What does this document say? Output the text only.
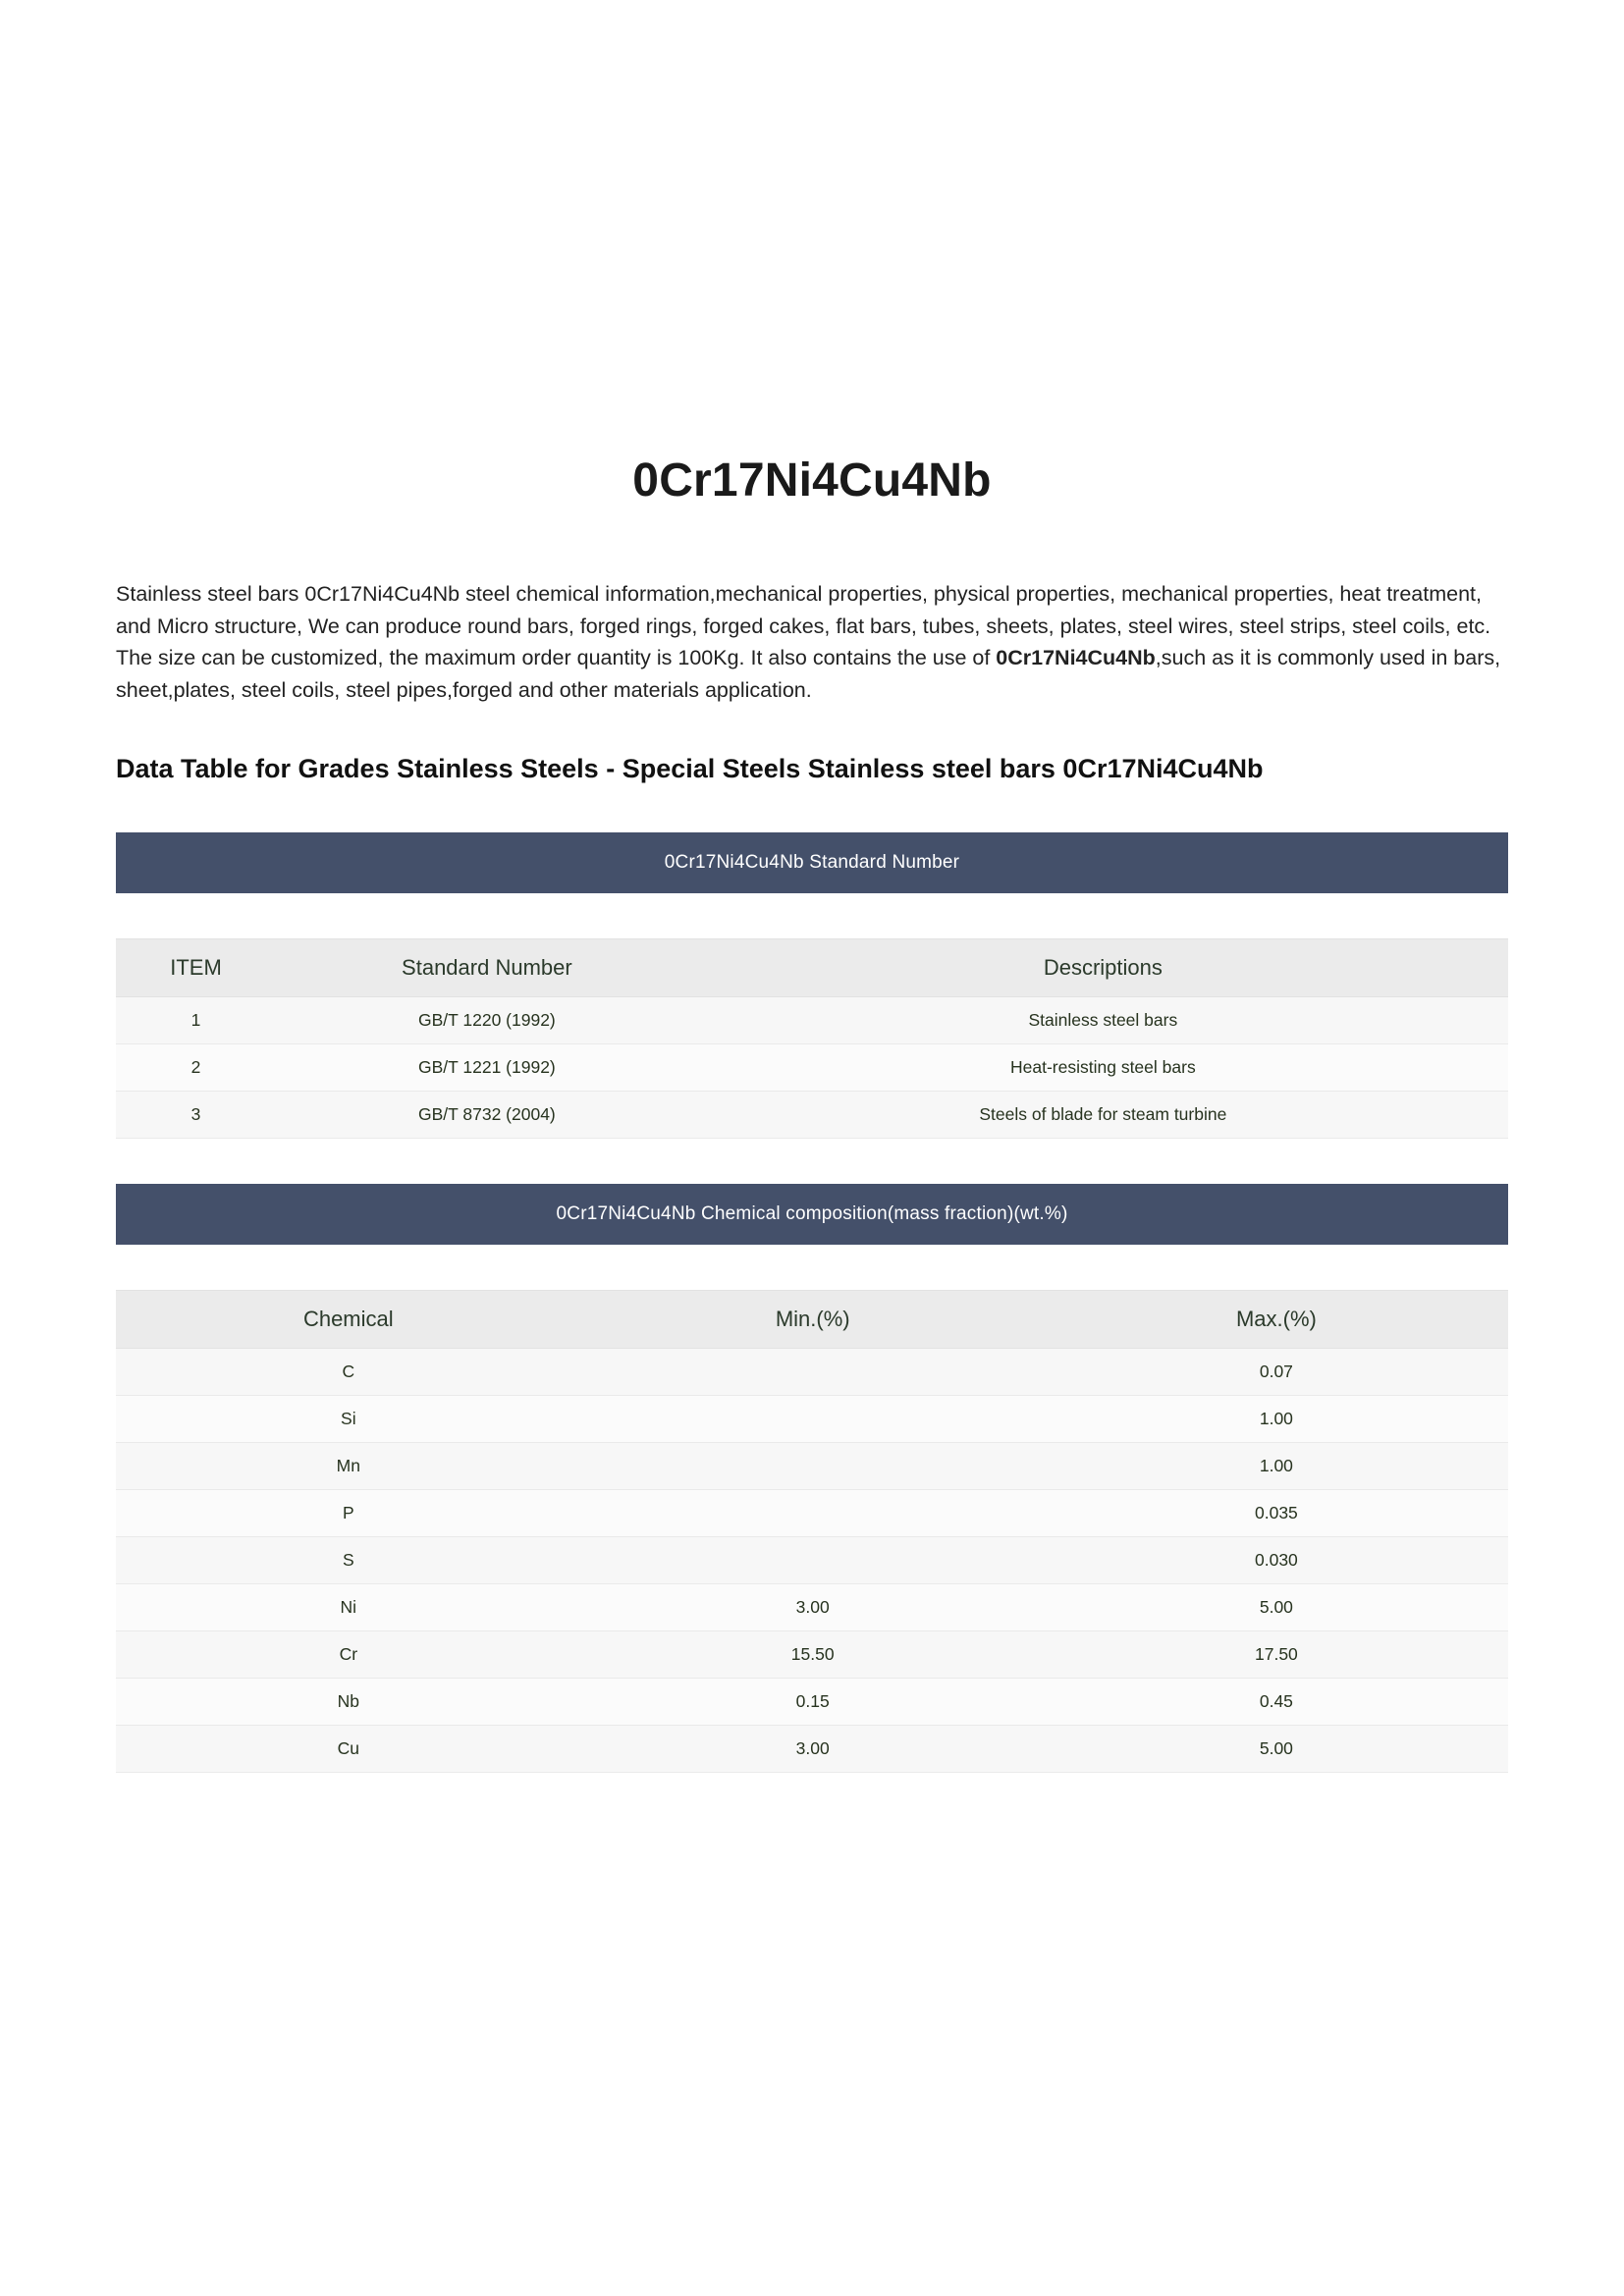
0Cr17Ni4Cu4Nb

Stainless steel bars 0Cr17Ni4Cu4Nb steel chemical information,mechanical properties, physical properties, mechanical properties, heat treatment, and Micro structure, We can produce round bars, forged rings, forged cakes, flat bars, tubes, sheets, plates, steel wires, steel strips, steel coils, etc. The size can be customized, the maximum order quantity is 100Kg. It also contains the use of 0Cr17Ni4Cu4Nb,such as it is commonly used in bars, sheet,plates, steel coils, steel pipes,forged and other materials application.

Data Table for Grades Stainless Steels - Special Steels Stainless steel bars 0Cr17Ni4Cu4Nb
0Cr17Ni4Cu4Nb Standard Number
ITEM	Standard Number	Descriptions
1	GB/T 1220 (1992)	Stainless steel bars
2	GB/T 1221 (1992)	Heat-resisting steel bars
3	GB/T 8732 (2004)	Steels of blade for steam turbine
0Cr17Ni4Cu4Nb Chemical composition(mass fraction)(wt.%)
Chemical	Min.(%)	Max.(%)
C		0.07
Si		1.00
Mn		1.00
P		0.035
S		0.030
Ni	3.00	5.00
Cr	15.50	17.50
Nb	0.15	0.45
Cu	3.00	5.00
